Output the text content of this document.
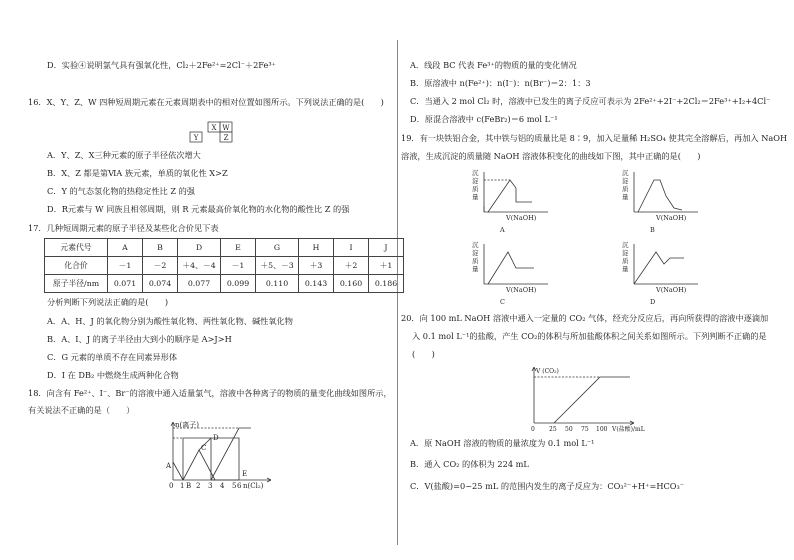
D．实验④说明氯气具有强氧化性，Cl₂＋2Fe²⁺=2Cl⁻＋2Fe³⁺
16．X、Y、Z、W 四种短周期元素在元素周期表中的相对位置如图所示。下列说法正确的是(　　)
X W
Y	Z
A．Y、Z、X三种元素的原子半径依次增大
B．X、Z 都是第ⅥA 族元素，单质的氧化性 X>Z
C．Y 的气态氢化物的热稳定性比 Z 的强
D．R元素与 W 同族且相邻周期，则 R 元素最高价氧化物的水化物的酸性比 Z 的强
17．几种短周期元素的原子半径及某些化合价见下表
元素代号	A	B	D	E	G	H	I	J
化合价	－1	－2	＋4、－4	－1	＋5、－3	＋3	＋2	＋1
原子半径/nm	0.071	0.074	0.077	0.099	0.110	0.143	0.160	0.186
分析判断下列说法正确的是(　　)
A．A、H、J 的氧化物分别为酸性氧化物、两性氧化物、碱性氧化物
B．A、I、J 的离子半径由大到小的顺序是 A>J>H
C．G 元素的单质不存在同素异形体
D．I 在 DB₂ 中燃烧生成两种化合物
18．向含有 Fe²⁺、I⁻、Br⁻的溶液中通入适量氯气，溶液中各种离子的物质的量变化曲线如图所示，
有关说法不正确的是（　　）
n(离子)
n(Cl₂)
0 1 B 2 3 4 5 6
A
C
D
E
A．线段 BC 代表 Fe³⁺的物质的量的变化情况
B．原溶液中 n(Fe²⁺)：n(I⁻)：n(Br⁻)＝2：1：3
C．当通入 2 mol Cl₂ 时，溶液中已发生的离子反应可表示为 2Fe²⁺+2I⁻+2Cl₂＝2Fe³⁺+I₂+4Cl⁻
D．原混合溶液中 c(FeBr₂)＝6 mol L⁻¹
19．有一块铁铝合金，其中铁与铝的质量比是 8∶9，加入足量稀 H₂SO₄ 使其完全溶解后，再加入 NaOH
溶液，生成沉淀的质量随 NaOH 溶液体积变化的曲线如下图，其中正确的是(　　)
沉
淀
质
量
V(NaOH)
A
沉
淀
质
量
V(NaOH)
B
沉
淀
质
量
V(NaOH)
C
沉
淀
质
量
V(NaOH)
D
20．向 100 mL NaOH 溶液中通入一定量的 CO₂ 气体，经充分反应后，再向所获得的溶液中逐滴加
入 0.1 mol L⁻¹的盐酸，产生 CO₂的体积与所加盐酸体积之间关系如图所示。下列判断不正确的是
(　　)
V (CO₂)
V(盐酸)/mL
0 25 50 75 100
A．原 NaOH 溶液的物质的量浓度为 0.1 mol L⁻¹
B．通入 CO₂ 的体积为 224 mL
C．V(盐酸)=0~25 mL 的范围内发生的离子反应为：CO₃²⁻+H⁺=HCO₃⁻
